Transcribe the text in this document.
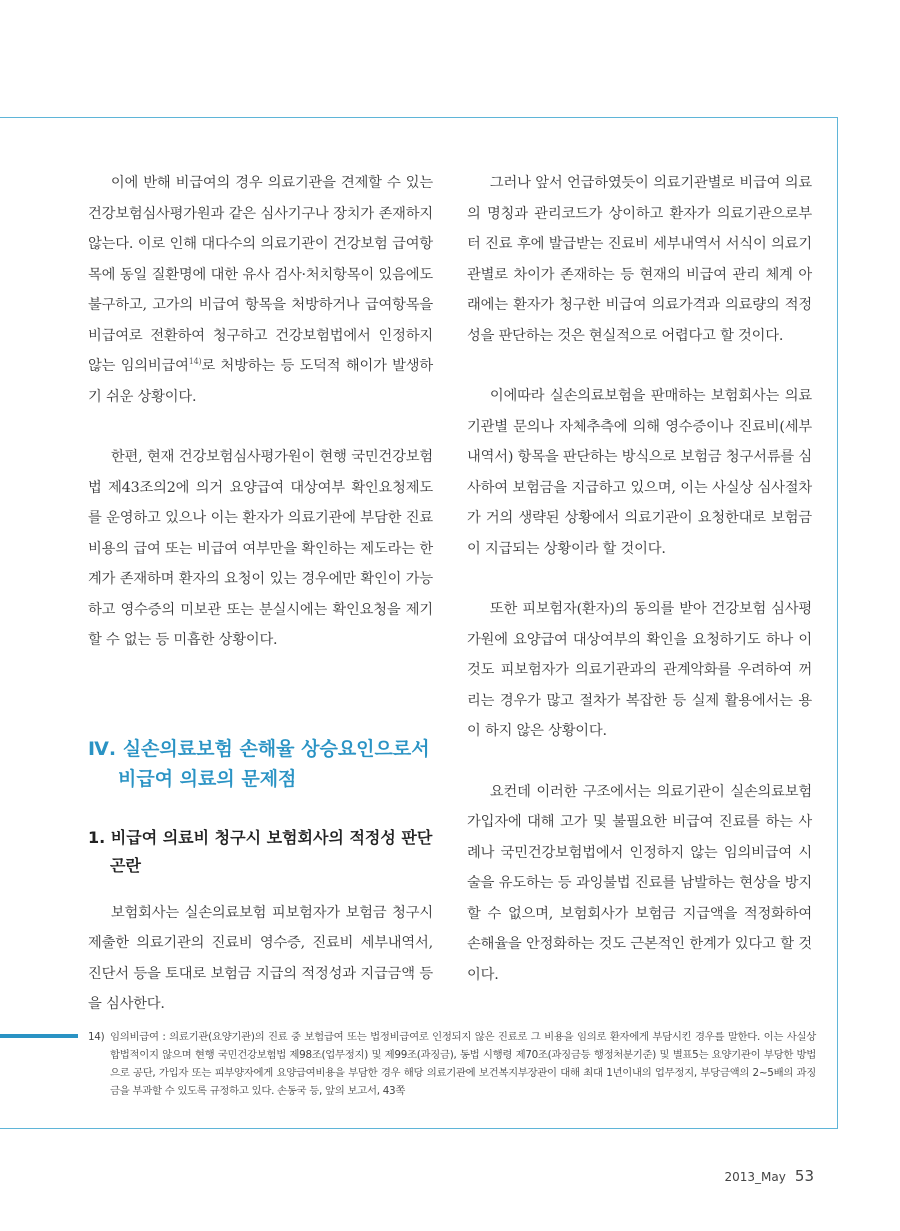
이에 반해 비급여의 경우 의료기관을 견제할 수 있는 건강보험심사평가원과 같은 심사기구나 장치가 존재하지 않는다. 이로 인해 대다수의 의료기관이 건강보험 급여항목에 동일 질환명에 대한 유사 검사·처치항목이 있음에도 불구하고, 고가의 비급여 항목을 처방하거나 급여항목을 비급여로 전환하여 청구하고 건강보험법에서 인정하지 않는 임의비급여$^{14)}$로 처방하는 등 도덕적 해이가 발생하기 쉬운 상황이다.

한편, 현재 건강보험심사평가원이 현행 국민건강보험법 제43조의2에 의거 요양급여 대상여부 확인요청제도를 운영하고 있으나 이는 환자가 의료기관에 부담한 진료비용의 급여 또는 비급여 여부만을 확인하는 제도라는 한계가 존재하며 환자의 요청이 있는 경우에만 확인이 가능하고 영수증의 미보관 또는 분실시에는 확인요청을 제기할 수 없는 등 미흡한 상황이다.

Ⅳ. 실손의료보험 손해율 상승요인으로서
비급여 의료의 문제점
1. 비급여 의료비 청구시 보험회사의 적정성 판단
곤란

보험회사는 실손의료보험 피보험자가 보험금 청구시 제출한 의료기관의 진료비 영수증, 진료비 세부내역서, 진단서 등을 토대로 보험금 지급의 적정성과 지급금액 등을 심사한다.

그러나 앞서 언급하였듯이 의료기관별로 비급여 의료의 명칭과 관리코드가 상이하고 환자가 의료기관으로부터 진료 후에 발급받는 진료비 세부내역서 서식이 의료기관별로 차이가 존재하는 등 현재의 비급여 관리 체계 아래에는 환자가 청구한 비급여 의료가격과 의료량의 적정성을 판단하는 것은 현실적으로 어렵다고 할 것이다.

이에따라 실손의료보험을 판매하는 보험회사는 의료기관별 문의나 자체추측에 의해 영수증이나 진료비(세부내역서) 항목을 판단하는 방식으로 보험금 청구서류를 심사하여 보험금을 지급하고 있으며, 이는 사실상 심사절차가 거의 생략된 상황에서 의료기관이 요청한대로 보험금이 지급되는 상황이라 할 것이다.

또한 피보험자(환자)의 동의를 받아 건강보험 심사평가원에 요양급여 대상여부의 확인을 요청하기도 하나 이것도 피보험자가 의료기관과의 관계악화를 우려하여 꺼리는 경우가 많고 절차가 복잡한 등 실제 활용에서는 용이 하지 않은 상황이다.

요컨데 이러한 구조에서는 의료기관이 실손의료보험 가입자에 대해 고가 및 불필요한 비급여 진료를 하는 사례나 국민건강보험법에서 인정하지 않는 임의비급여 시술을 유도하는 등 과잉불법 진료를 남발하는 현상을 방지할 수 없으며, 보험회사가 보험금 지급액을 적정화하여 손해율을 안정화하는 것도 근본적인 한계가 있다고 할 것이다.

14) 임의비급여 : 의료기관(요양기관)의 진료 중 보험급여 또는 법정비급여로 인정되지 않은 진료로 그 비용을 임의로 환자에게 부담시킨 경우를 말한다. 이는 사실상 합법적이지 않으며 현행 국민건강보험법 제98조(업무정지) 및 제99조(과징금), 동법 시행령 제70조(과징금등 행정처분기준) 및 별표5는 요양기관이 부당한 방법으로 공단, 가입자 또는 피부양자에게 요양급여비용을 부담한 경우 해당 의료기관에 보건복지부장관이 대해 최대 1년이내의 업무정지, 부당금액의 2~5배의 과징금을 부과할 수 있도록 규정하고 있다. 손동국 등, 앞의 보고서, 43쪽
2013_May 53
